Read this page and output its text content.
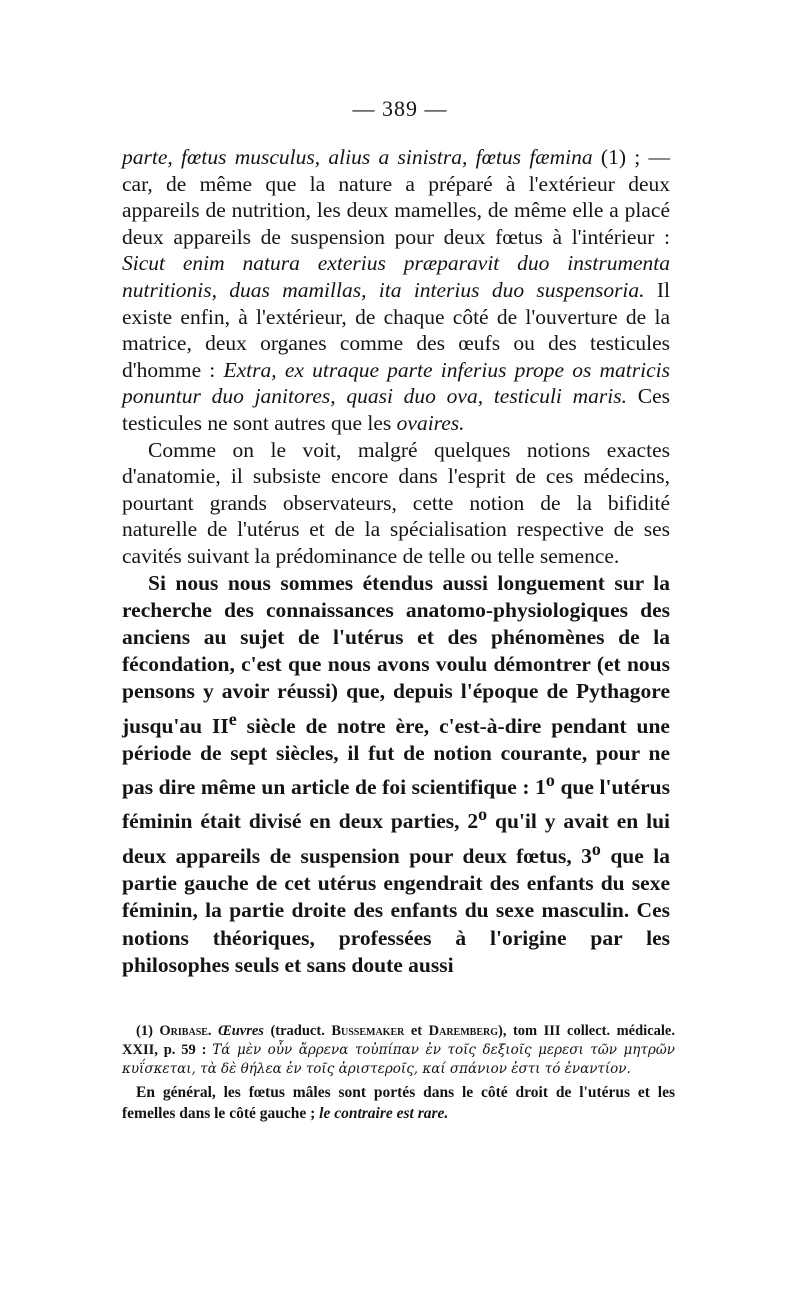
— 389 —

parte, fœtus musculus, alius a sinistra, fœtus fæmina (1) ; — car, de même que la nature a préparé à l'extérieur deux appareils de nutrition, les deux mamelles, de même elle a placé deux appareils de suspension pour deux fœtus à l'intérieur : Sicut enim natura exterius præparavit duo instrumenta nutritionis, duas mamillas, ita interius duo suspensoria. Il existe enfin, à l'extérieur, de chaque côté de l'ouverture de la matrice, deux organes comme des œufs ou des testicules d'homme : Extra, ex utraque parte inferius prope os matricis ponuntur duo janitores, quasi duo ova, testiculi maris. Ces testicules ne sont autres que les ovaires.

Comme on le voit, malgré quelques notions exactes d'anatomie, il subsiste encore dans l'esprit de ces médecins, pourtant grands observateurs, cette notion de la bifidité naturelle de l'utérus et de la spécialisation respective de ses cavités suivant la prédominance de telle ou telle semence.

Si nous nous sommes étendus aussi longuement sur la recherche des connaissances anatomo-physiologiques des anciens au sujet de l'utérus et des phénomènes de la fécondation, c'est que nous avons voulu démontrer (et nous pensons y avoir réussi) que, depuis l'époque de Pythagore jusqu'au IIe siècle de notre ère, c'est-à-dire pendant une période de sept siècles, il fut de notion courante, pour ne pas dire même un article de foi scientifique : 1$^o$ que l'utérus féminin était divisé en deux parties, 2$^o$ qu'il y avait en lui deux appareils de suspension pour deux fœtus, 3$^o$ que la partie gauche de cet utérus engendrait des enfants du sexe féminin, la partie droite des enfants du sexe masculin. Ces notions théoriques, professées à l'origine par les philosophes seuls et sans doute aussi

(1) Oribase. Œuvres (traduct. Bussemaker et Daremberg), tom III collect. médicale. XXII, p. 59 : Τά μὲν οὖν ἄρρενα τοὐπίπαν ἐν τοῖς δεξιοῖς μερεσι τῶν μητρῶν κυΐσκεται, τὰ δὲ θήλεα ἐν τοῖς ἀριστεροῖς, καί σπάνιον ἐστι τό ἐναντίον.

En général, les fœtus mâles sont portés dans le côté droit de l'utérus et les femelles dans le côté gauche ; le contraire est rare.
